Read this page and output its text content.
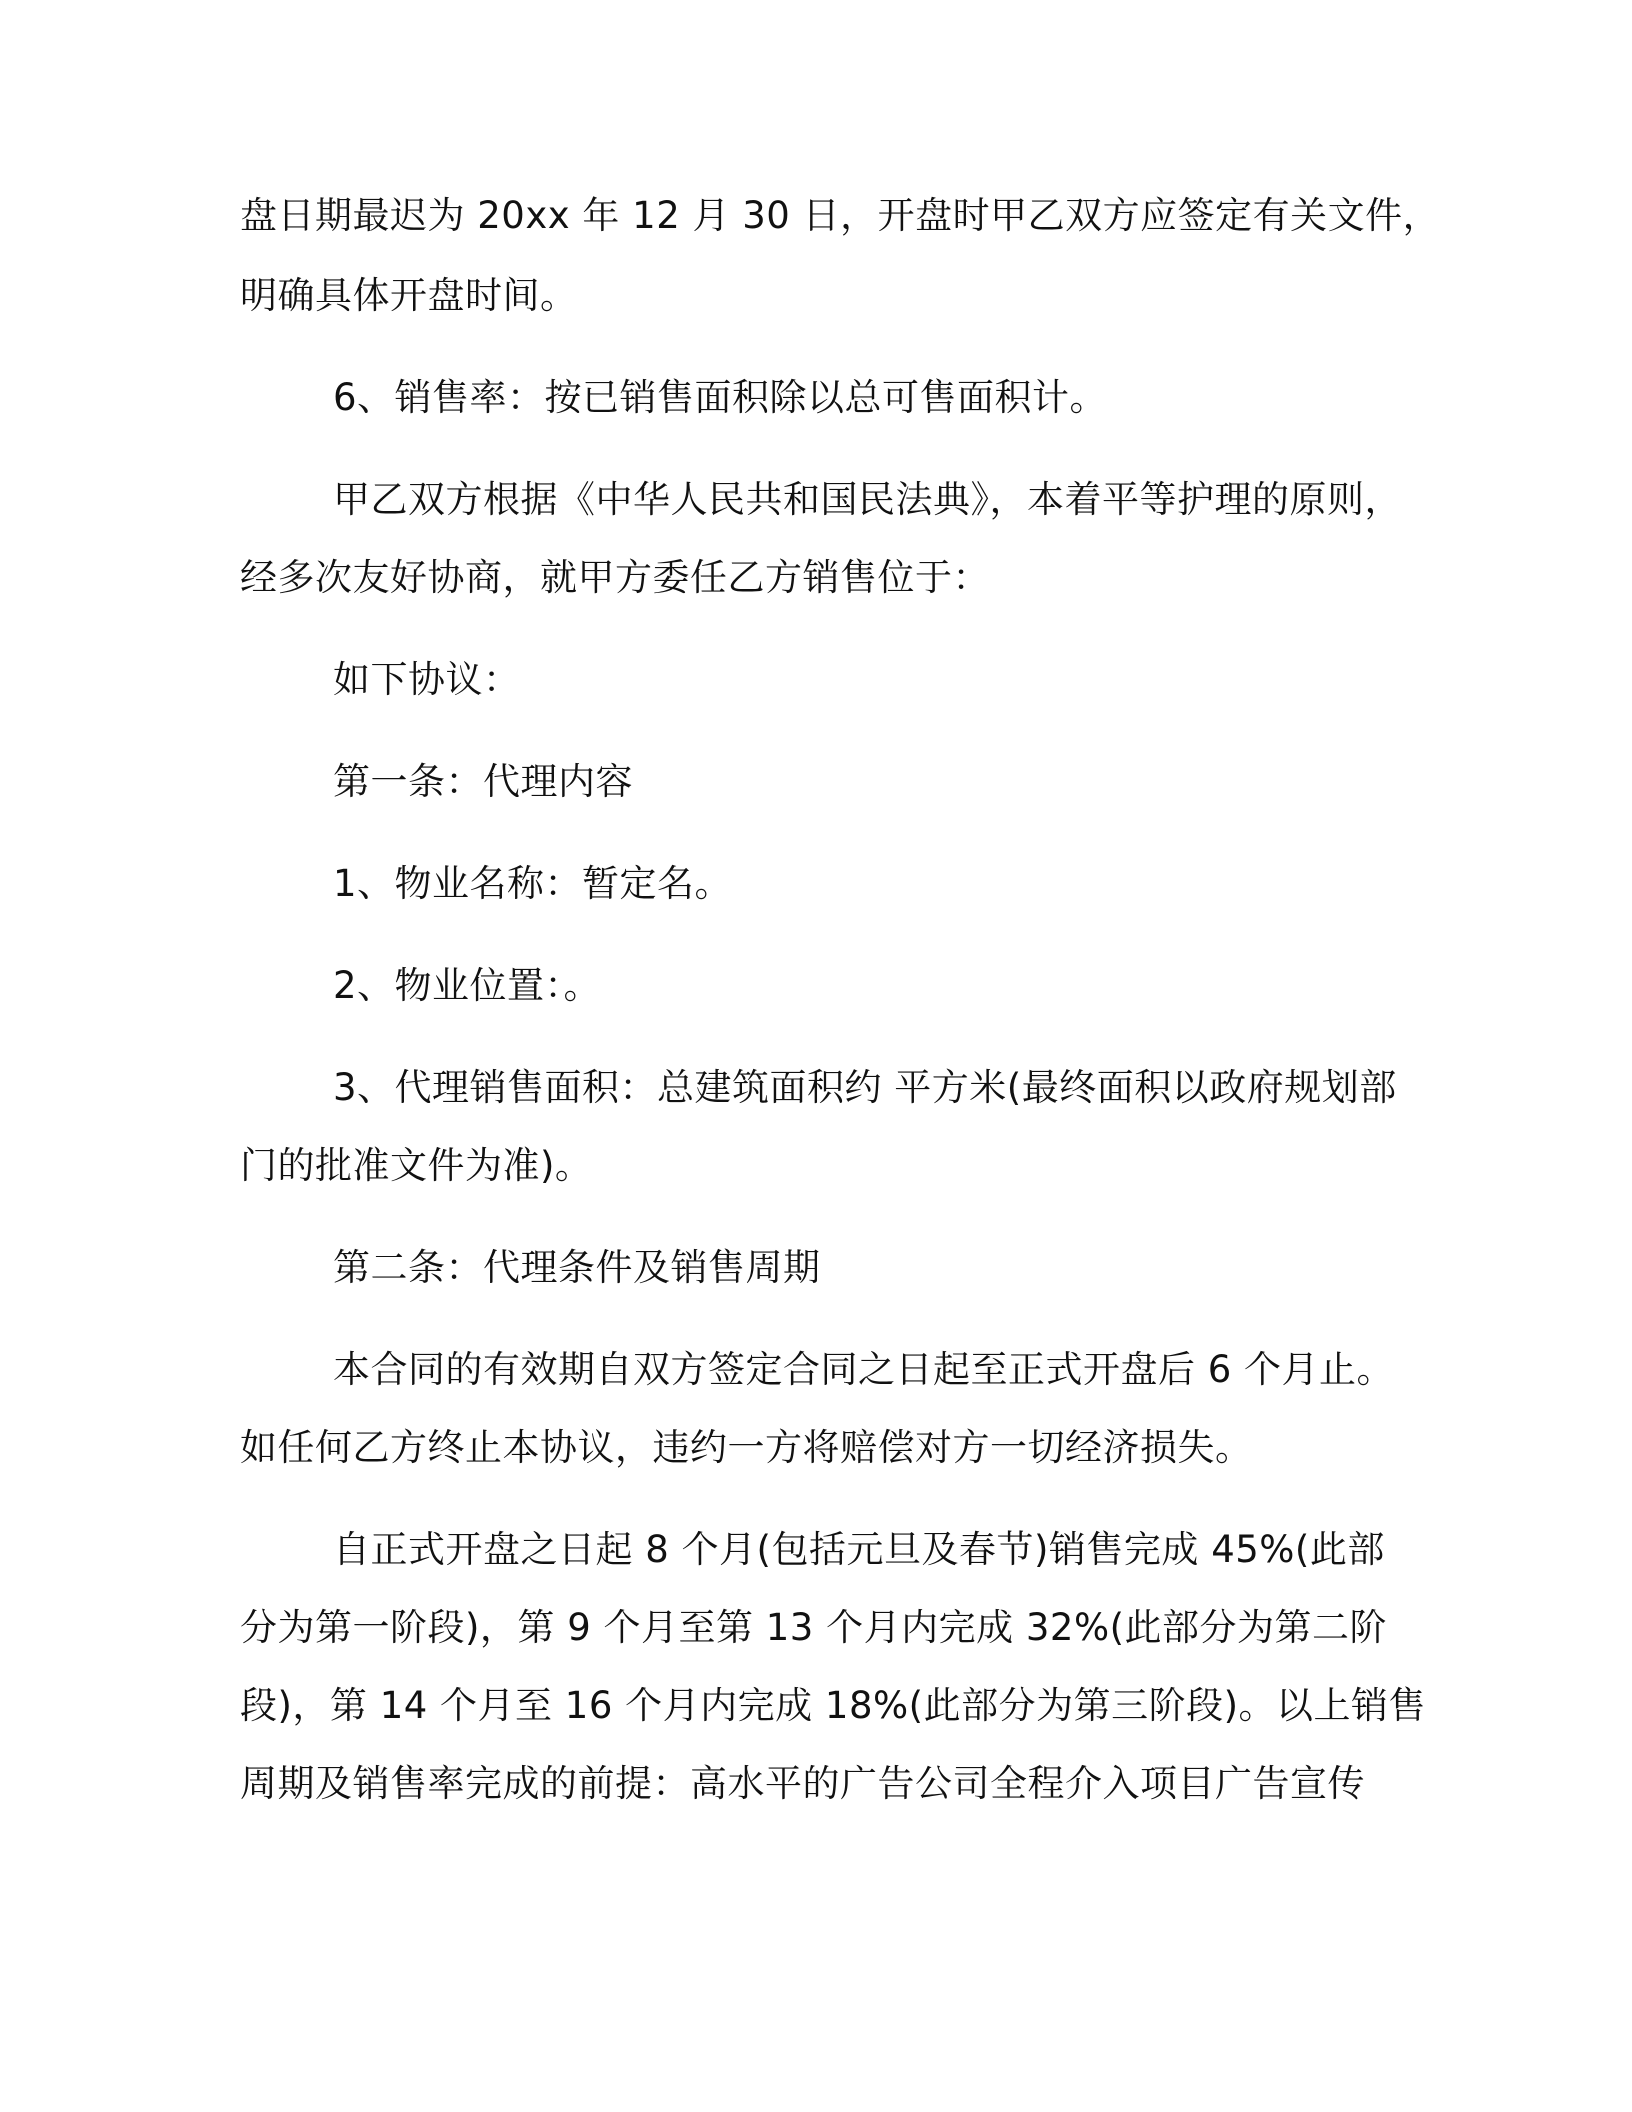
盘日期最迟为 20xx 年 12 月 30 日，开盘时甲乙双方应签定有关文件，
明确具体开盘时间。
6、销售率：按已销售面积除以总可售面积计。
甲乙双方根据《中华人民共和国民法典》，本着平等护理的原则，
经多次友好协商，就甲方委任乙方销售位于：
如下协议：
第一条：代理内容
1、物业名称：暂定名。
2、物业位置：。
3、代理销售面积：总建筑面积约 平方米(最终面积以政府规划部
门的批准文件为准)。
第二条：代理条件及销售周期
本合同的有效期自双方签定合同之日起至正式开盘后 6 个月止。
如任何乙方终止本协议，违约一方将赔偿对方一切经济损失。
自正式开盘之日起 8 个月(包括元旦及春节)销售完成 45%(此部
分为第一阶段)，第 9 个月至第 13 个月内完成 32%(此部分为第二阶
段)，第 14 个月至 16 个月内完成 18%(此部分为第三阶段)。以上销售
周期及销售率完成的前提：高水平的广告公司全程介入项目广告宣传
